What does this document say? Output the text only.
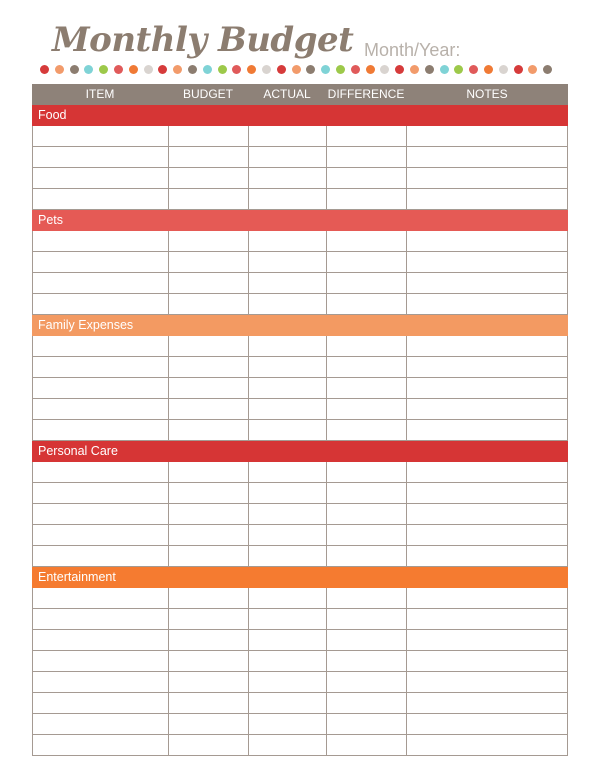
Monthly Budget Month/Year:
ITEM	BUDGET	ACTUAL	DIFFERENCE	NOTES
Food
Pets
Family Expenses
Personal Care
Entertainment
